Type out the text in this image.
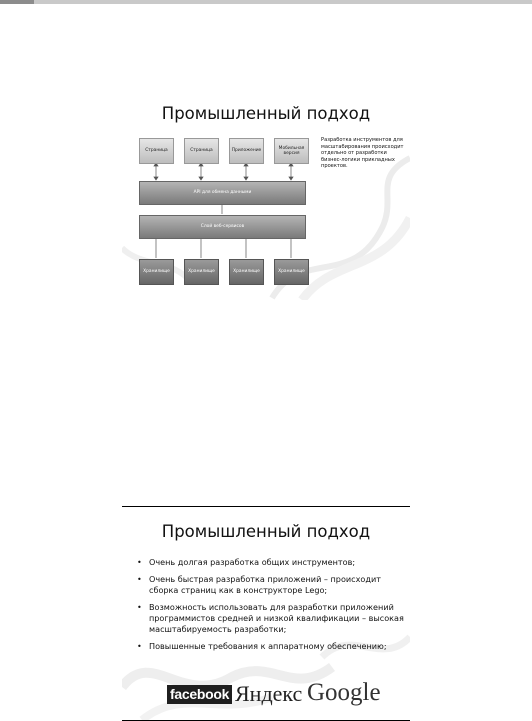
Промышленный подход
Страница	Страница	Приложение
Мобильная версия
API для обмена данными
Слой веб-сервисов
Хранилище	Хранилище	Хранилище	Хранилище
Разработка инструментов для масштабирования происходит отдельно от разработки бизнес-логики прикладных проектов.
Промышленный подход
• Очень долгая разработка общих инструментов;
• Очень быстрая разработка приложений – происходит сборка страниц как в конструкторе Lego;
• Возможность использовать для разработки приложений программистов средней и низкой квалификации – высокая масштабируемость разработки;
• Повышенные требования к аппаратному обеспечению;
facebook Яндекс Google
